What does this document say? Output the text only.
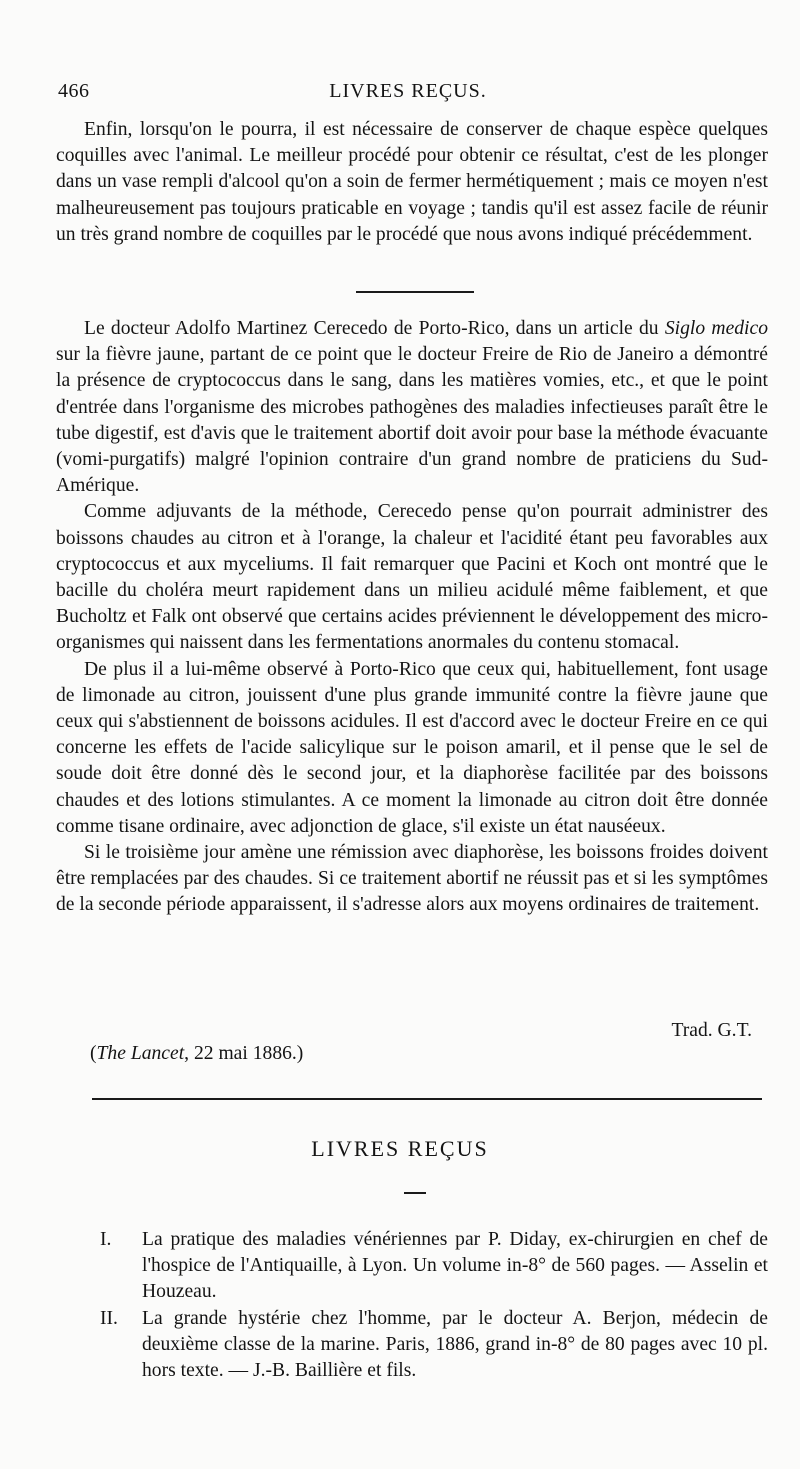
466	LIVRES REÇUS.

Enfin, lorsqu'on le pourra, il est nécessaire de conserver de chaque espèce quelques coquilles avec l'animal. Le meilleur procédé pour obtenir ce résultat, c'est de les plonger dans un vase rempli d'alcool qu'on a soin de fermer hermétiquement ; mais ce moyen n'est malheureusement pas toujours praticable en voyage ; tandis qu'il est assez facile de réunir un très grand nombre de coquilles par le procédé que nous avons indiqué précédemment.

Le docteur Adolfo Martinez Cerecedo de Porto-Rico, dans un article du Siglo medico sur la fièvre jaune, partant de ce point que le docteur Freire de Rio de Janeiro a démontré la présence de cryptococcus dans le sang, dans les matières vomies, etc., et que le point d'entrée dans l'organisme des microbes pathogènes des maladies infectieuses paraît être le tube digestif, est d'avis que le traitement abortif doit avoir pour base la méthode évacuante (vomi-purgatifs) malgré l'opinion contraire d'un grand nombre de praticiens du Sud-Amérique.

Comme adjuvants de la méthode, Cerecedo pense qu'on pourrait administrer des boissons chaudes au citron et à l'orange, la chaleur et l'acidité étant peu favorables aux cryptococcus et aux myceliums. Il fait remarquer que Pacini et Koch ont montré que le bacille du choléra meurt rapidement dans un milieu acidulé même faiblement, et que Bucholtz et Falk ont observé que certains acides préviennent le développement des micro-organismes qui naissent dans les fermentations anormales du contenu stomacal.

De plus il a lui-même observé à Porto-Rico que ceux qui, habituellement, font usage de limonade au citron, jouissent d'une plus grande immunité contre la fièvre jaune que ceux qui s'abstiennent de boissons acidules. Il est d'accord avec le docteur Freire en ce qui concerne les effets de l'acide salicylique sur le poison amaril, et il pense que le sel de soude doit être donné dès le second jour, et la diaphorèse facilitée par des boissons chaudes et des lotions stimulantes. A ce moment la limonade au citron doit être donnée comme tisane ordinaire, avec adjonction de glace, s'il existe un état nauséeux.

Si le troisième jour amène une rémission avec diaphorèse, les boissons froides doivent être remplacées par des chaudes. Si ce traitement abortif ne réussit pas et si les symptômes de la seconde période apparaissent, il s'adresse alors aux moyens ordinaires de traitement.

Trad. G.T.
(The Lancet, 22 mai 1886.)
LIVRES REÇUS
I.	La pratique des maladies vénériennes par P. Diday, ex-chirurgien en chef de l'hospice de l'Antiquaille, à Lyon. Un volume in-8° de 560 pages. — Asselin et Houzeau.
II.	La grande hystérie chez l'homme, par le docteur A. Berjon, médecin de deuxième classe de la marine. Paris, 1886, grand in-8° de 80 pages avec 10 pl. hors texte. — J.-B. Baillière et fils.
